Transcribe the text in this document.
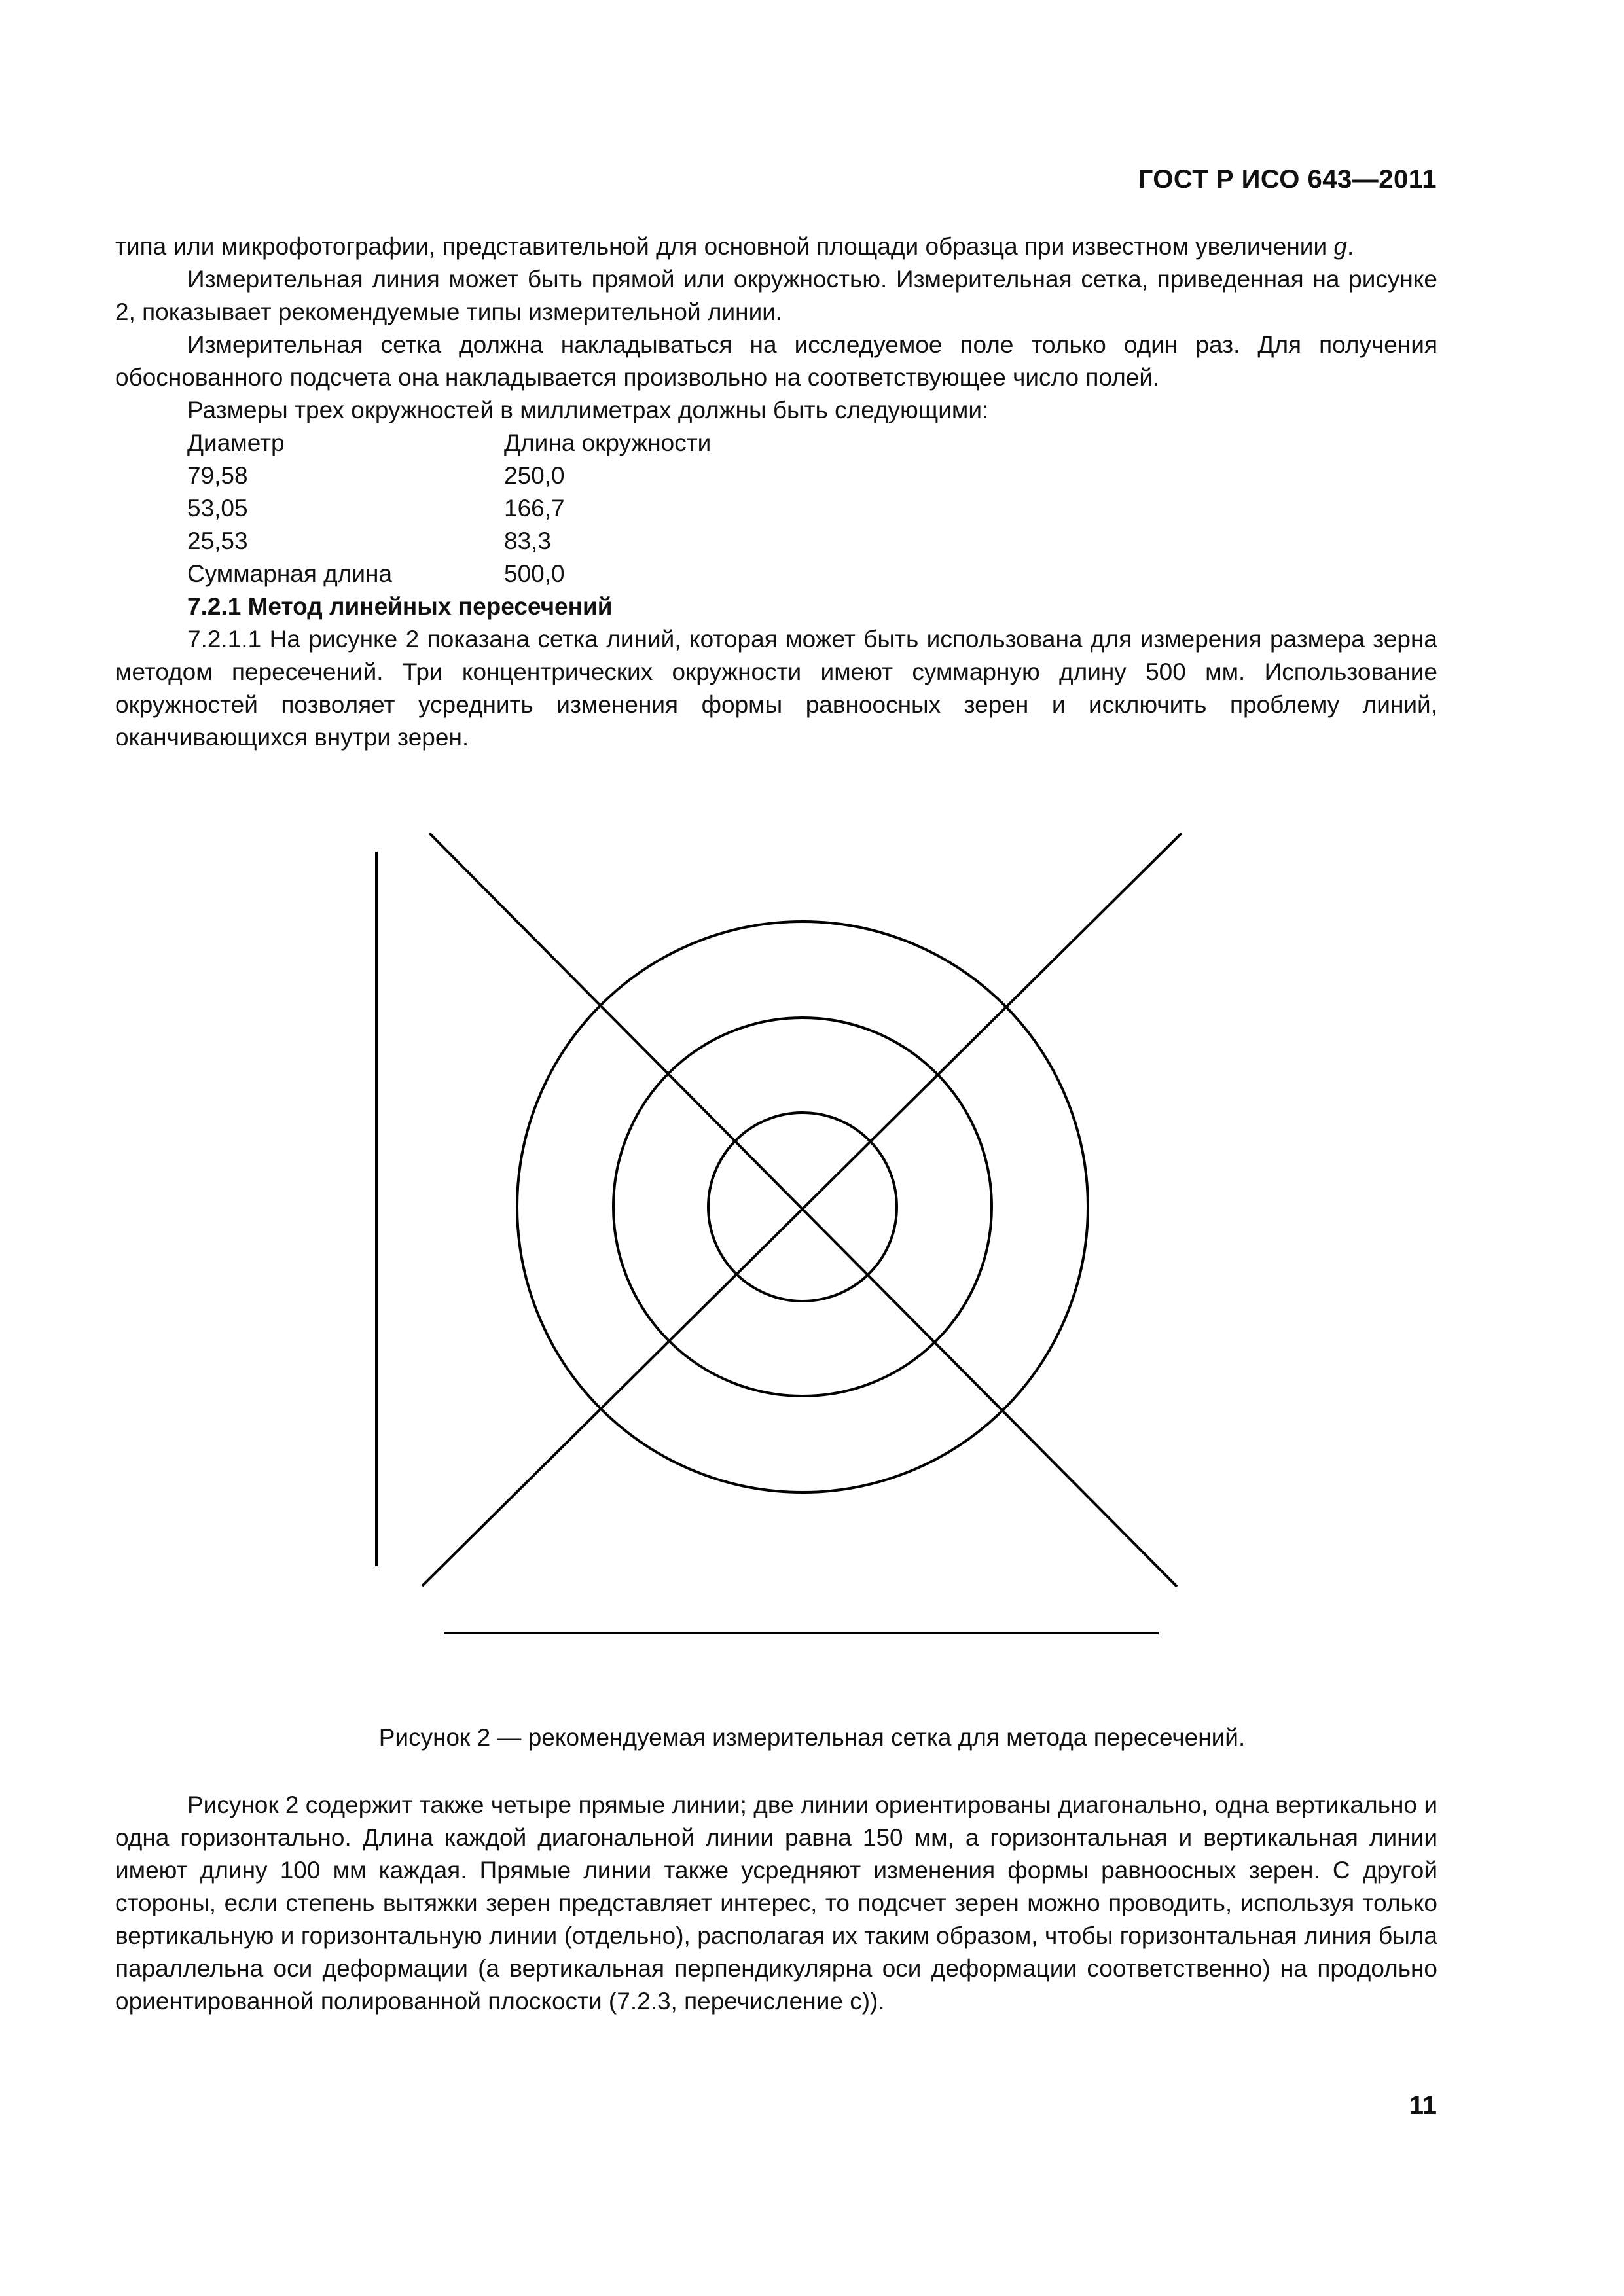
ГОСТ Р ИСО 643—2011

типа или микрофотографии, представительной для основной площади образца при известном увеличении g.

Измерительная линия может быть прямой или окружностью. Измерительная сетка, приведенная на рисунке 2, показывает рекомендуемые типы измерительной линии.

Измерительная сетка должна накладываться на исследуемое поле только один раз. Для получения обоснованного подсчета она накладывается произвольно на соответствующее число полей.

Размеры трех окружностей в миллиметрах должны быть следующими:

Диаметр	Длина окружности
79,58	250,0
53,05	166,7
25,53	83,3
Суммарная длина	500,0

7.2.1 Метод линейных пересечений

7.2.1.1 На рисунке 2 показана сетка линий, которая может быть использована для измерения размера зерна методом пересечений. Три концентрических окружности имеют суммарную длину 500 мм. Использование окружностей позволяет усреднить изменения формы равноосных зерен и исключить проблему линий, оканчивающихся внутри зерен.

Рисунок 2 — рекомендуемая измерительная сетка для метода пересечений.

Рисунок 2 содержит также четыре прямые линии; две линии ориентированы диагонально, одна вертикально и одна горизонтально. Длина каждой диагональной линии равна 150 мм, а горизонтальная и вертикальная линии имеют длину 100 мм каждая. Прямые линии также усредняют изменения формы равноосных зерен. С другой стороны, если степень вытяжки зерен представляет интерес, то подсчет зерен можно проводить, используя только вертикальную и горизонтальную линии (отдельно), располагая их таким образом, чтобы горизонтальная линия была параллельна оси деформации (а вертикальная перпендикулярна оси деформации соответственно) на продольно ориентированной полированной плоскости (7.2.3, перечисление c)).

11
